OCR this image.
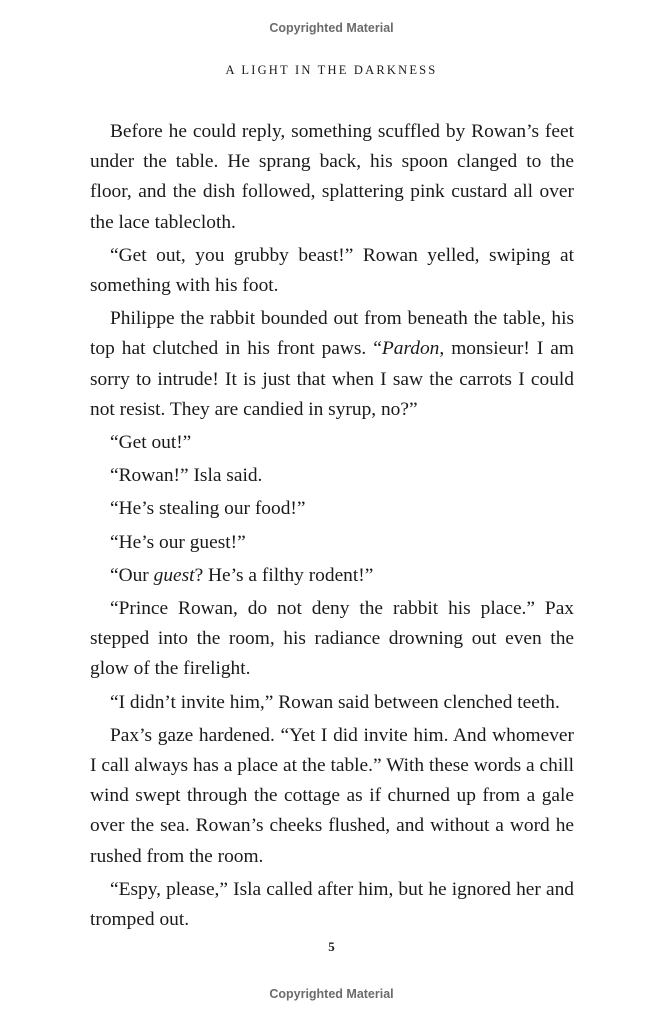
Copyrighted Material
A LIGHT IN THE DARKNESS

Before he could reply, something scuffled by Rowan’s feet under the table. He sprang back, his spoon clanged to the floor, and the dish followed, splattering pink custard all over the lace tablecloth.

“Get out, you grubby beast!” Rowan yelled, swiping at something with his foot.

Philippe the rabbit bounded out from beneath the table, his top hat clutched in his front paws. “Pardon, monsieur! I am sorry to intrude! It is just that when I saw the carrots I could not resist. They are candied in syrup, no?”

“Get out!”

“Rowan!” Isla said.

“He’s stealing our food!”

“He’s our guest!”

“Our guest? He’s a filthy rodent!”

“Prince Rowan, do not deny the rabbit his place.” Pax stepped into the room, his radiance drowning out even the glow of the firelight.

“I didn’t invite him,” Rowan said between clenched teeth.

Pax’s gaze hardened. “Yet I did invite him. And whomever I call always has a place at the table.” With these words a chill wind swept through the cottage as if churned up from a gale over the sea. Rowan’s cheeks flushed, and without a word he rushed from the room.

“Espy, please,” Isla called after him, but he ignored her and tromped out.

5
Copyrighted Material
